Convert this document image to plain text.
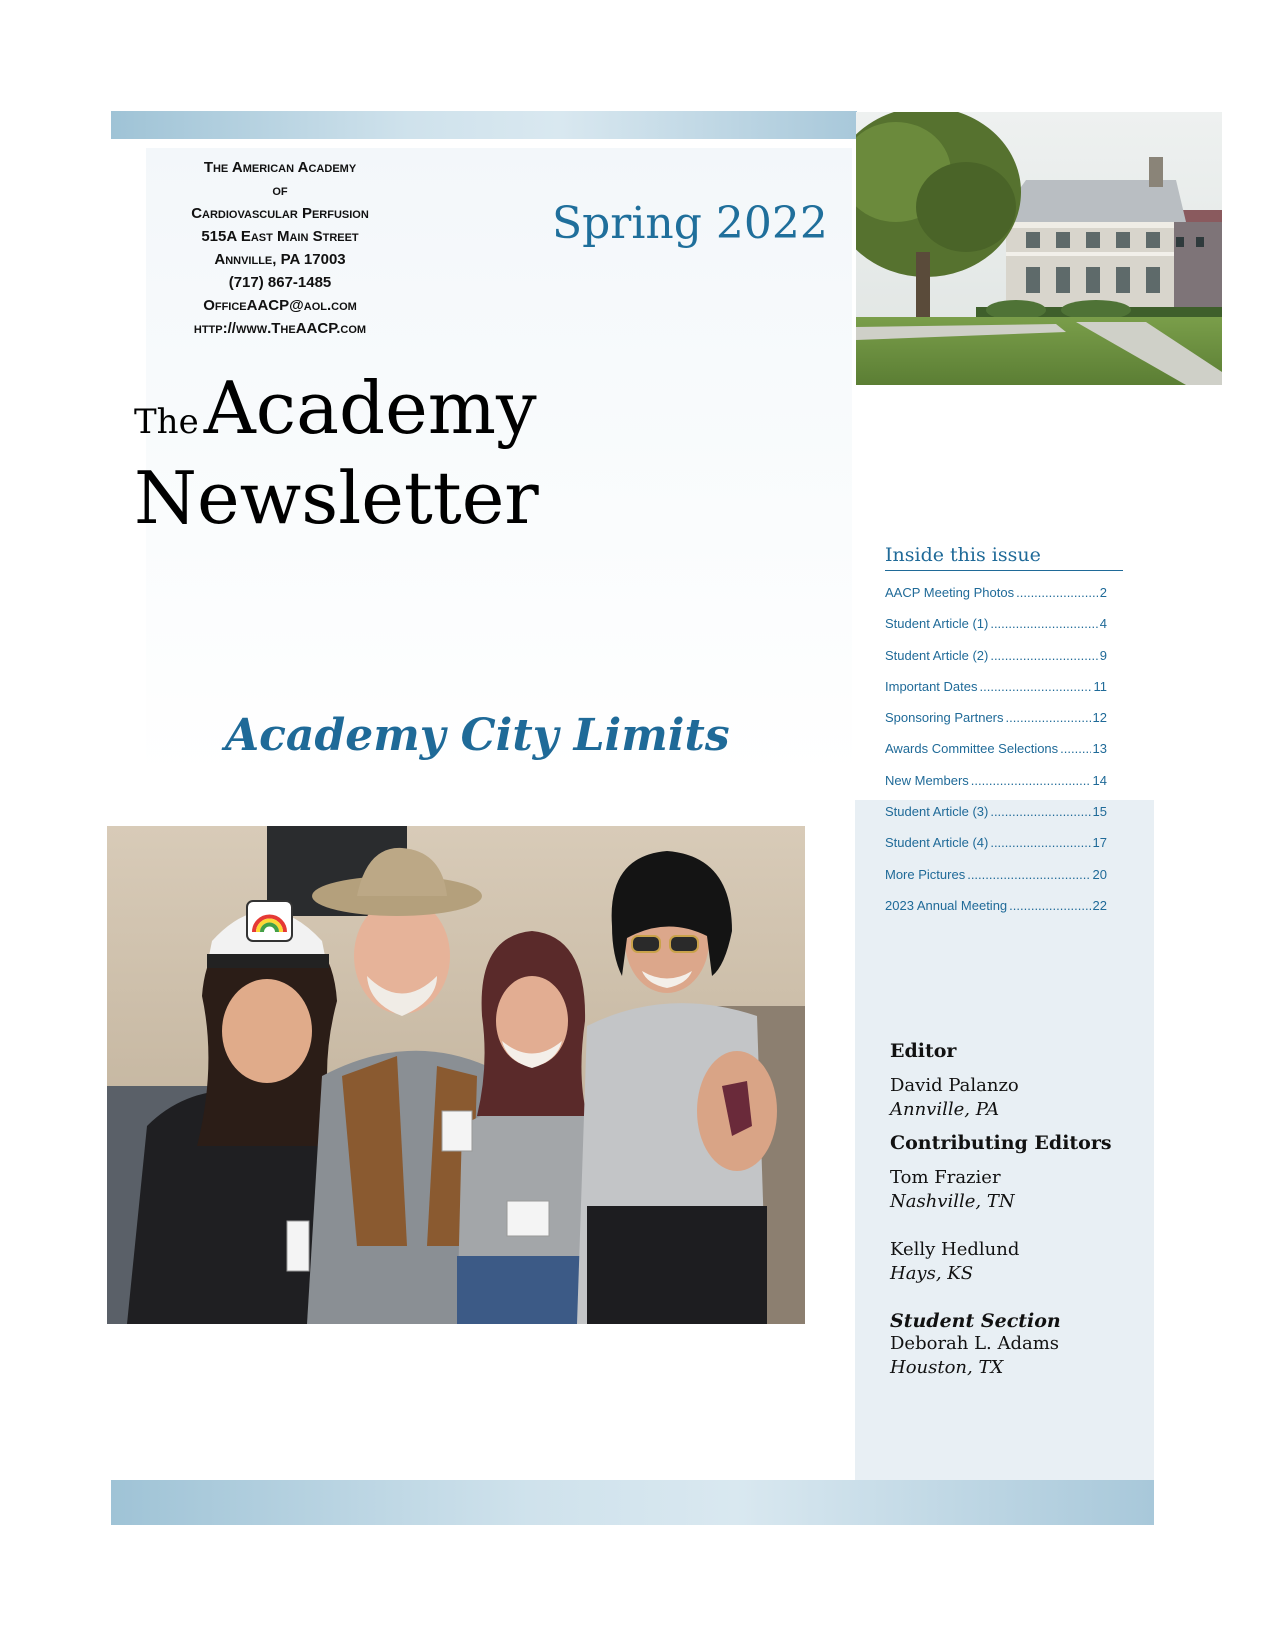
The American Academy
of
Cardiovascular Perfusion
515A East Main Street
Annville, PA 17003
(717) 867-1485
OfficeAACP@aol.com
http://www.TheAACP.com
Spring 2022
The Academy
Newsletter
Academy City Limits
Inside this issue
AACP Meeting Photos .....	2
Student Article (1) .....	4
Student Article (2) .....	9
Important Dates .....	11
Sponsoring Partners .....	12
Awards Committee Selections .....	13
New Members .....	14
Student Article (3) .....	15
Student Article (4) .....	17
More Pictures .....	20
2023 Annual Meeting .....	22
Editor
David Palanzo
Annville, PA
Contributing Editors
Tom Frazier
Nashville, TN
Kelly Hedlund
Hays, KS
Student Section
Deborah L. Adams
Houston, TX
